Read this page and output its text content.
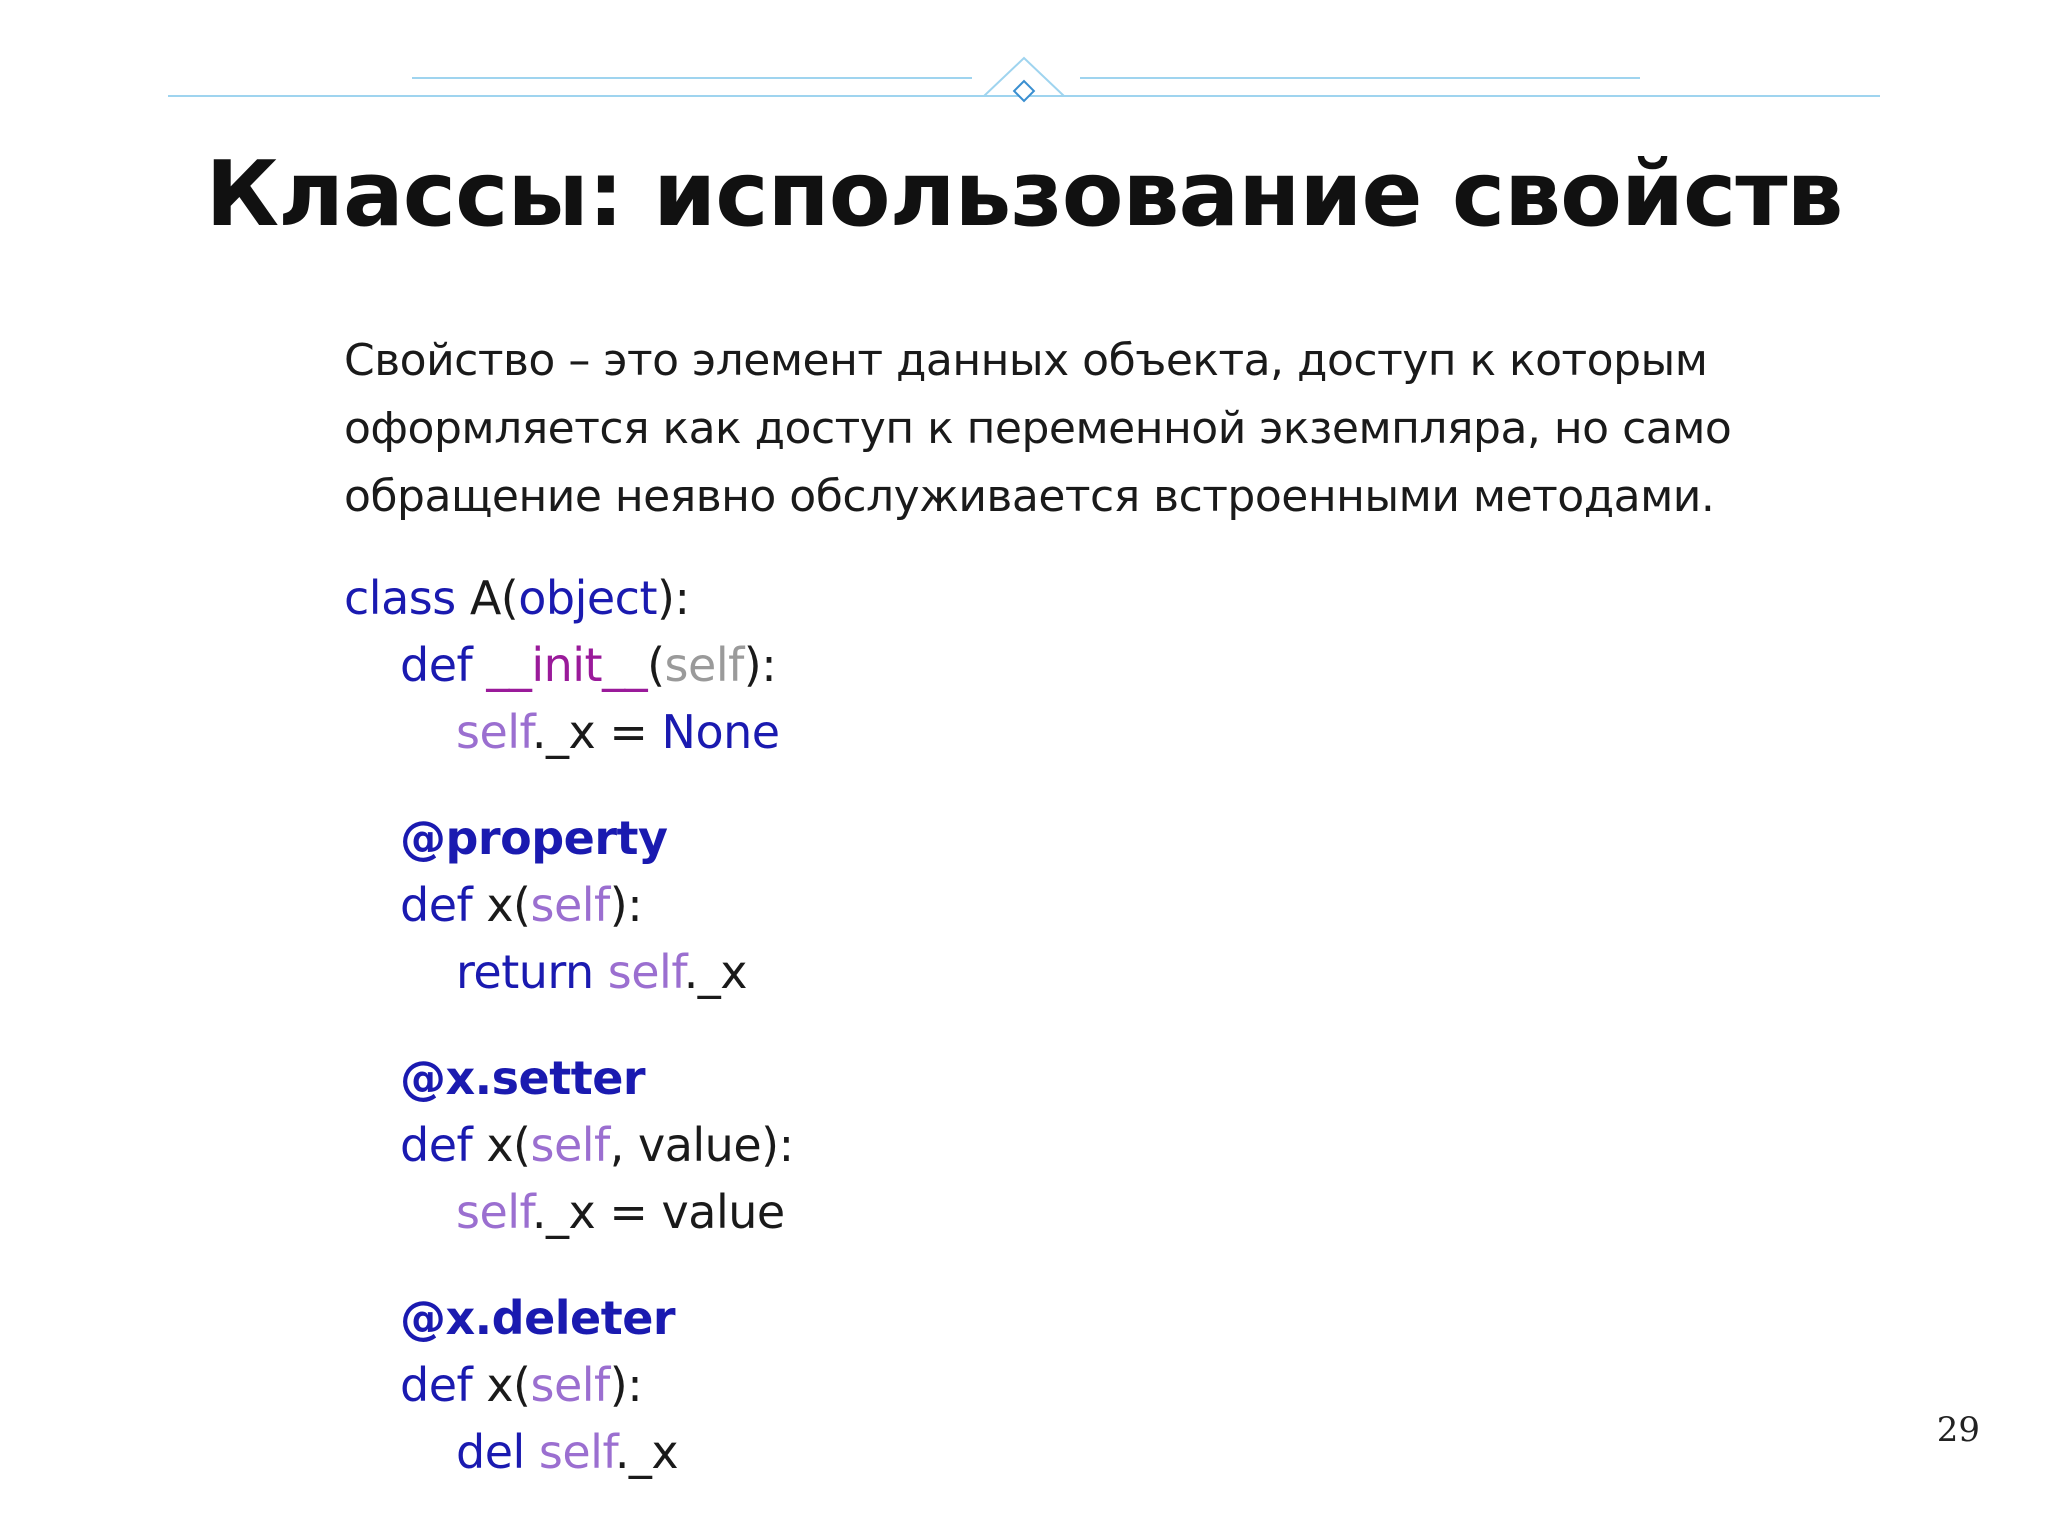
Классы: использование свойств
Свойство – это элемент данных объекта, доступ к которым
оформляется как доступ к переменной экземпляра, но само
обращение неявно обслуживается встроенными методами.
class A(object):
def __init__(self):
self._x = None
@property
def x(self):
return self._x
@x.setter
def x(self, value):
self._x = value
@x.deleter
def x(self):
del self._x	29
